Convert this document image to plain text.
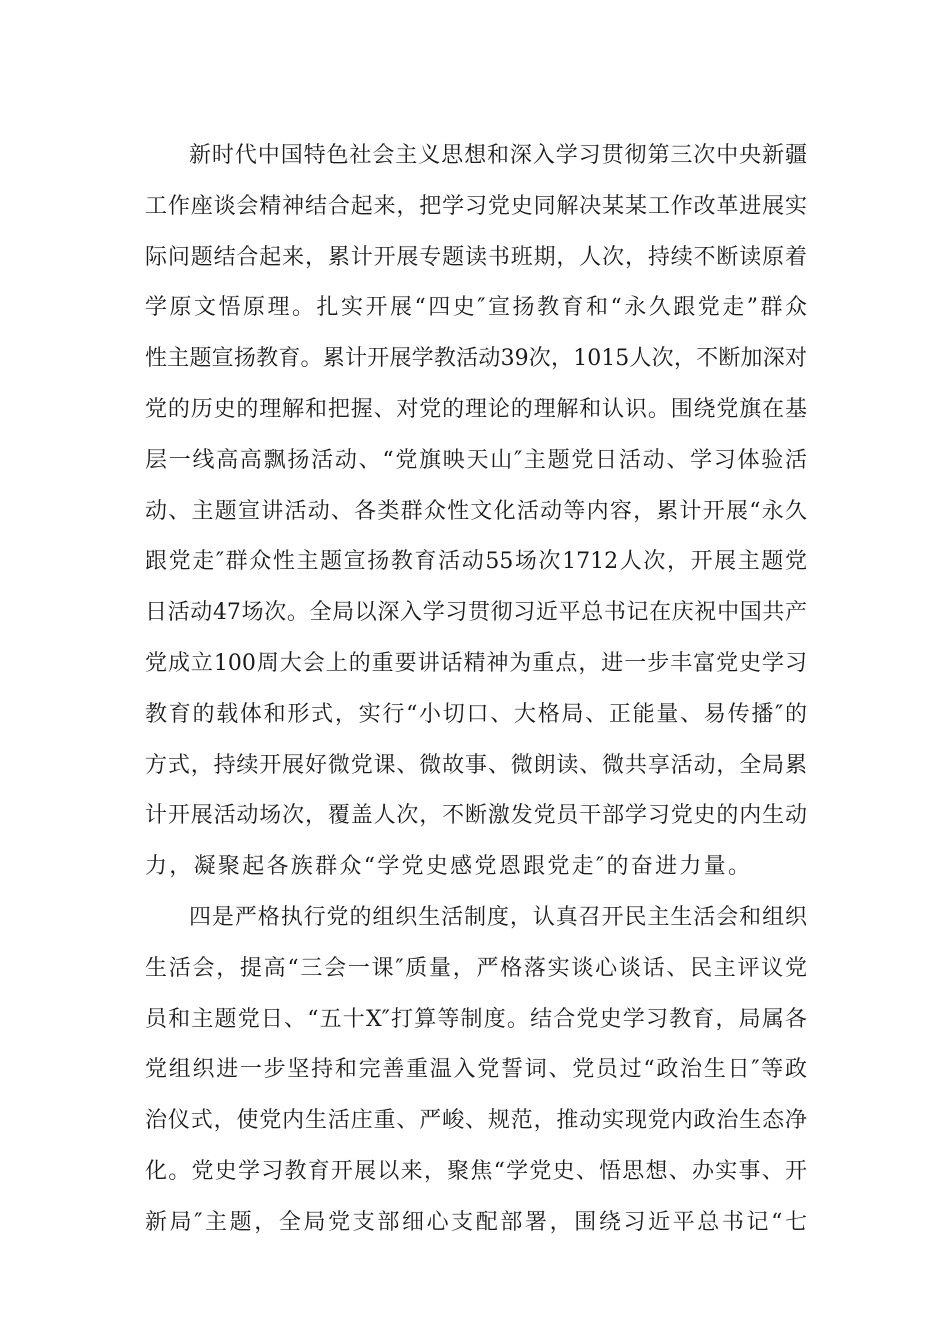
新时代中国特色社会主义思想和深入学习贯彻第三次中央新疆
工作座谈会精神结合起来，把学习党史同解决某某工作改革进展实
际问题结合起来，累计开展专题读书班期，人次，持续不断读原着
学原文悟原理。扎实开展“四史″宣扬教育和“永久跟党走”群众
性主题宣扬教育。累计开展学教活动39次，1015人次，不断加深对
党的历史的理解和把握、对党的理论的理解和认识。围绕党旗在基
层一线高高飘扬活动、“党旗映天山″主题党日活动、学习体验活
动、主题宣讲活动、各类群众性文化活动等内容，累计开展“永久
跟党走″群众性主题宣扬教育活动55场次1712人次，开展主题党
日活动47场次。全局以深入学习贯彻习近平总书记在庆祝中国共产
党成立100周大会上的重要讲话精神为重点，进一步丰富党史学习
教育的载体和形式，实行“小切口、大格局、正能量、易传播″的
方式，持续开展好微党课、微故事、微朗读、微共享活动，全局累
计开展活动场次，覆盖人次，不断激发党员干部学习党史的内生动
力，凝聚起各族群众“学党史感党恩跟党走″的奋进力量。
四是严格执行党的组织生活制度，认真召开民主生活会和组织
生活会，提高“三会一课″质量，严格落实谈心谈话、民主评议党
员和主题党日、“五十X″打算等制度。结合党史学习教育，局属各
党组织进一步坚持和完善重温入党誓词、党员过“政治生日″等政
治仪式，使党内生活庄重、严峻、规范，推动实现党内政治生态净
化。党史学习教育开展以来，聚焦“学党史、悟思想、办实事、开
新局″主题，全局党支部细心支配部署，围绕习近平总书记“七
